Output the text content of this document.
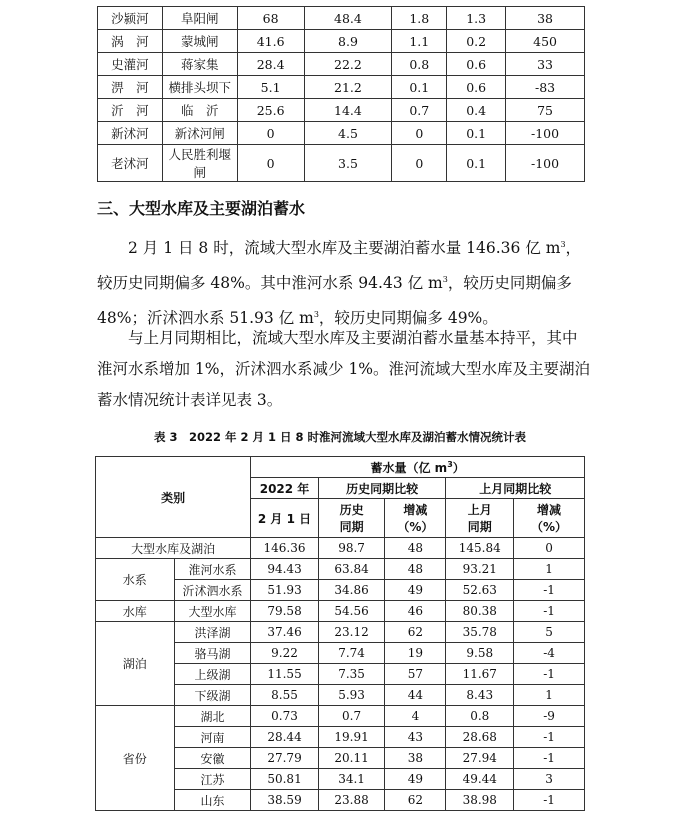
沙颍河	阜阳闸	68	48.4	1.8	1.3	38
涡　河	蒙城闸	41.6	8.9	1.1	0.2	450
史灌河	蒋家集	28.4	22.2	0.8	0.6	33
淠　河	横排头坝下	5.1	21.2	0.1	0.6	-83
沂　河	临　沂	25.6	14.4	0.7	0.4	75
新沭河	新沭河闸	0	4.5	0	0.1	-100
老沭河	人民胜利堰闸	0	3.5	0	0.1	-100
三、大型水库及主要湖泊蓄水

  2 月 1 日 8 时，流域大型水库及主要湖泊蓄水量 146.36 亿 $m^3$，较历史同期偏多 48%。其中淮河水系 94.43 亿 $m^3$，较历史同期偏多 48%；沂沭泗水系 51.93 亿 $m^3$，较历史同期偏多 49%。

  与上月同期相比，流域大型水库及主要湖泊蓄水量基本持平，其中淮河水系增加 1%，沂沭泗水系减少 1%。淮河流域大型水库及主要湖泊蓄水情况统计表详见表 3。

表 3　2022 年 2 月 1 日 8 时淮河流域大型水库及湖泊蓄水情况统计表
类别		蓄水量（亿 $m^3$）				
		2022 年	历史同期比较		上月同期比较	
		2 月 1 日	历史同期	增减（%）	上月同期	增减（%）
大型水库及湖泊		146.36	98.7	48	145.84	0
水系	淮河水系	94.43	63.84	48	93.21	1
	沂沭泗水系	51.93	34.86	49	52.63	-1
水库	大型水库	79.58	54.56	46	80.38	-1
湖泊	洪泽湖	37.46	23.12	62	35.78	5
	骆马湖	9.22	7.74	19	9.58	-4
	上级湖	11.55	7.35	57	11.67	-1
	下级湖	8.55	5.93	44	8.43	1
省份	湖北	0.73	0.7	4	0.8	-9
	河南	28.44	19.91	43	28.68	-1
	安徽	27.79	20.11	38	27.94	-1
	江苏	50.81	34.1	49	49.44	3
	山东	38.59	23.88	62	38.98	-1
